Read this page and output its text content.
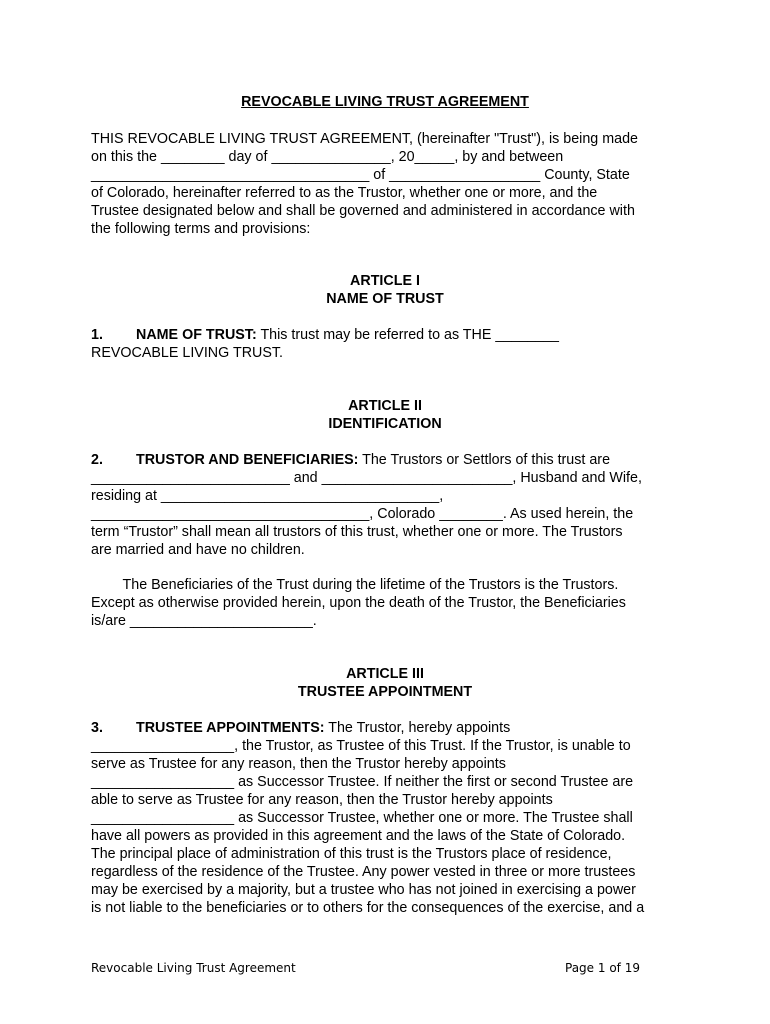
REVOCABLE LIVING TRUST AGREEMENT
THIS REVOCABLE LIVING TRUST AGREEMENT, (hereinafter "Trust"), is being made
on this the ________ day of _______________, 20_____, by and between
___________________________________ of ___________________ County, State
of Colorado, hereinafter referred to as the Trustor, whether one or more, and the
Trustee designated below and shall be governed and administered in accordance with
the following terms and provisions:
ARTICLE I
NAME OF TRUST
1. NAME OF TRUST: This trust may be referred to as THE ________
REVOCABLE LIVING TRUST.
ARTICLE II
IDENTIFICATION
2. TRUSTOR AND BENEFICIARIES: The Trustors or Settlors of this trust are
_________________________ and ________________________, Husband and Wife,
residing at ___________________________________,
___________________________________, Colorado ________. As used herein, the
term “Trustor” shall mean all trustors of this trust, whether one or more. The Trustors
are married and have no children.
The Beneficiaries of the Trust during the lifetime of the Trustors is the Trustors.
Except as otherwise provided herein, upon the death of the Trustor, the Beneficiaries
is/are _______________________.
ARTICLE III
TRUSTEE APPOINTMENT
3. TRUSTEE APPOINTMENTS: The Trustor, hereby appoints
__________________, the Trustor, as Trustee of this Trust. If the Trustor, is unable to
serve as Trustee for any reason, then the Trustor hereby appoints
__________________ as Successor Trustee. If neither the first or second Trustee are
able to serve as Trustee for any reason, then the Trustor hereby appoints
__________________ as Successor Trustee, whether one or more. The Trustee shall
have all powers as provided in this agreement and the laws of the State of Colorado.
The principal place of administration of this trust is the Trustors place of residence,
regardless of the residence of the Trustee. Any power vested in three or more trustees
may be exercised by a majority, but a trustee who has not joined in exercising a power
is not liable to the beneficiaries or to others for the consequences of the exercise, and a
Revocable Living Trust Agreement	Page 1 of 19
